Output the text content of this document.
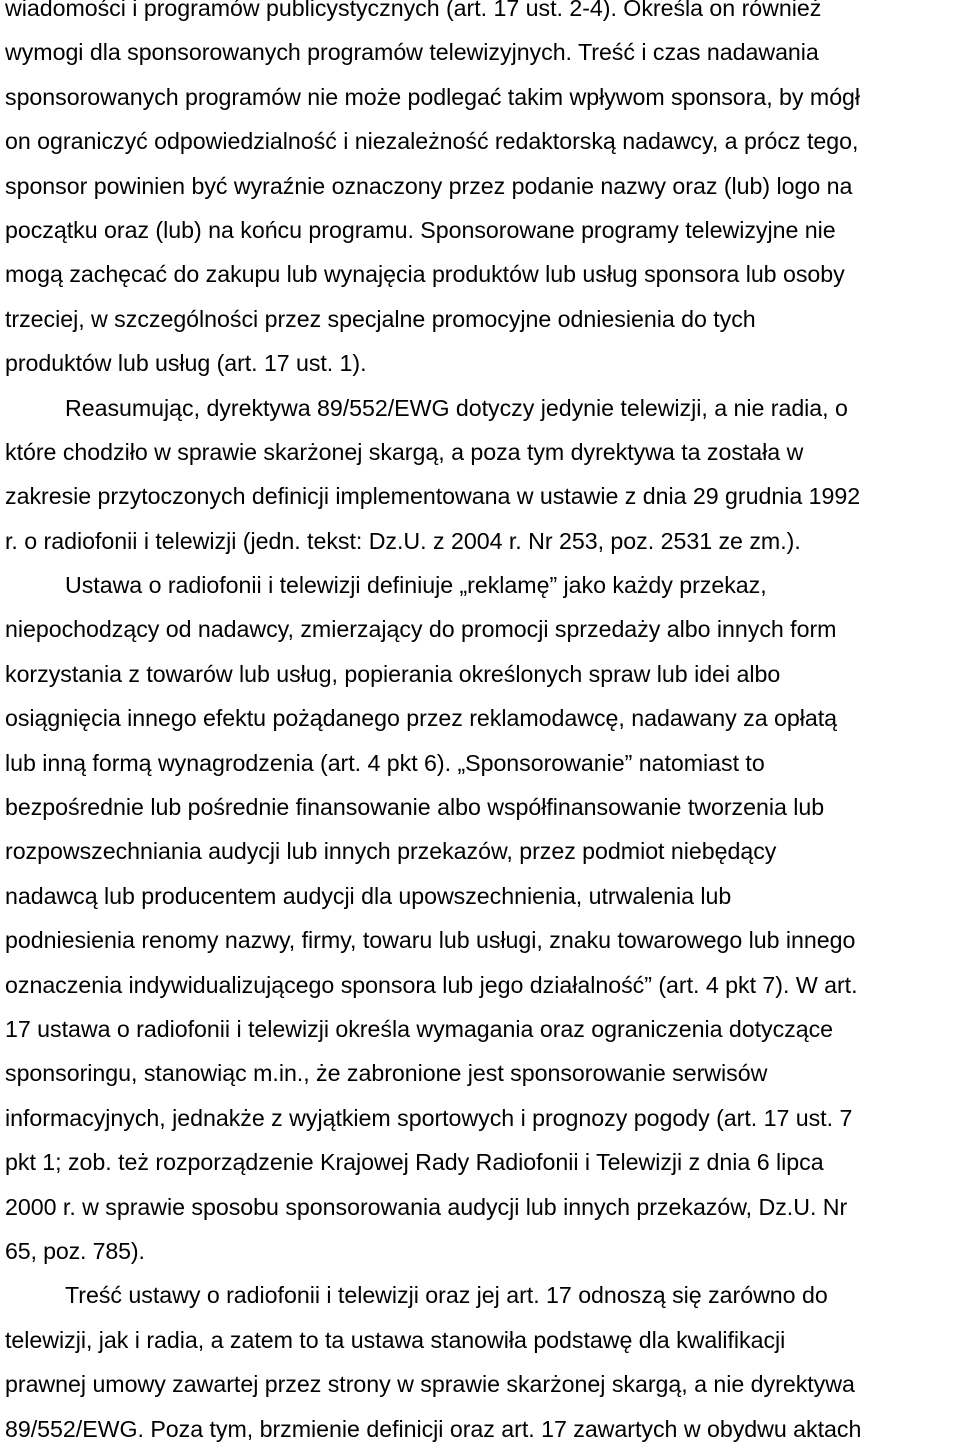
wiadomości i programów publicystycznych (art. 17 ust. 2-4). Określa on również
wymogi dla sponsorowanych programów telewizyjnych. Treść i czas nadawania
sponsorowanych programów nie może podlegać takim wpływom sponsora, by mógł
on ograniczyć odpowiedzialność i niezależność redaktorską nadawcy, a prócz tego,
sponsor powinien być wyraźnie oznaczony przez podanie nazwy oraz (lub) logo na
początku oraz (lub) na końcu programu. Sponsorowane programy telewizyjne nie
mogą zachęcać do zakupu lub wynajęcia produktów lub usług sponsora lub osoby
trzeciej, w szczególności przez specjalne promocyjne odniesienia do tych
produktów lub usług (art. 17 ust. 1).
Reasumując, dyrektywa 89/552/EWG dotyczy jedynie telewizji, a nie radia, o
które chodziło w sprawie skarżonej skargą, a poza tym dyrektywa ta została w
zakresie przytoczonych definicji implementowana w ustawie z dnia 29 grudnia 1992
r. o radiofonii i telewizji (jedn. tekst: Dz.U. z 2004 r. Nr 253, poz. 2531 ze zm.).
Ustawa o radiofonii i telewizji definiuje „reklamę” jako każdy przekaz,
niepochodzący od nadawcy, zmierzający do promocji sprzedaży albo innych form
korzystania z towarów lub usług, popierania określonych spraw lub idei albo
osiągnięcia innego efektu pożądanego przez reklamodawcę, nadawany za opłatą
lub inną formą wynagrodzenia (art. 4 pkt 6). „Sponsorowanie” natomiast to
bezpośrednie lub pośrednie finansowanie albo współfinansowanie tworzenia lub
rozpowszechniania audycji lub innych przekazów, przez podmiot niebędący
nadawcą lub producentem audycji dla upowszechnienia, utrwalenia lub
podniesienia renomy nazwy, firmy, towaru lub usługi, znaku towarowego lub innego
oznaczenia indywidualizującego sponsora lub jego działalność” (art. 4 pkt 7). W art.
17 ustawa o radiofonii i telewizji określa wymagania oraz ograniczenia dotyczące
sponsoringu, stanowiąc m.in., że zabronione jest sponsorowanie serwisów
informacyjnych, jednakże z wyjątkiem sportowych i prognozy pogody (art. 17 ust. 7
pkt 1; zob. też rozporządzenie Krajowej Rady Radiofonii i Telewizji z dnia 6 lipca
2000 r. w sprawie sposobu sponsorowania audycji lub innych przekazów, Dz.U. Nr
65, poz. 785).
Treść ustawy o radiofonii i telewizji oraz jej art. 17 odnoszą się zarówno do
telewizji, jak i radia, a zatem to ta ustawa stanowiła podstawę dla kwalifikacji
prawnej umowy zawartej przez strony w sprawie skarżonej skargą, a nie dyrektywa
89/552/EWG. Poza tym, brzmienie definicji oraz art. 17 zawartych w obydwu aktach
